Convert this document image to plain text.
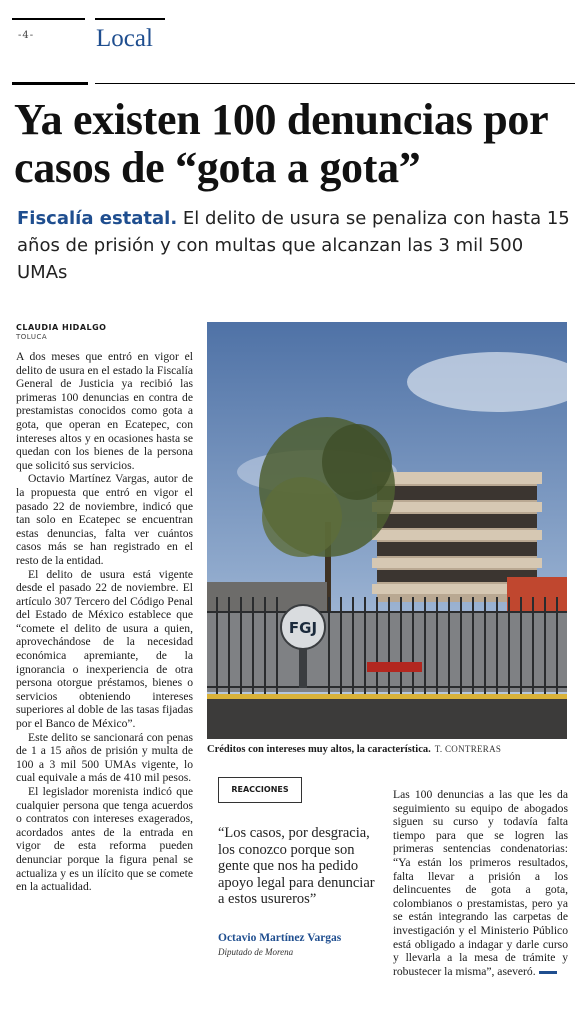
-4- Local
Ya existen 100 denuncias por casos de “gota a gota”
Fiscalía estatal. El delito de usura se penaliza con hasta 15 años de prisión y con multas que alcanzan las 3 mil 500 UMAs
CLAUDIA HIDALGO
TOLUCA

A dos meses que entró en vigor el delito de usura en el estado la Fiscalía General de Justicia ya recibió las primeras 100 denuncias en contra de prestamistas conocidos como gota a gota, que operan en Ecatepec, con intereses altos y en ocasiones hasta se quedan con los bienes de la persona que solicitó sus servicios.

Octavio Martínez Vargas, autor de la propuesta que entró en vigor el pasado 22 de noviembre, indicó que tan solo en Ecatepec se encuentran estas denuncias, falta ver cuántos casos más se han registrado en el resto de la entidad.

El delito de usura está vigente desde el pasado 22 de noviembre. El artículo 307 Tercero del Código Penal del Estado de México establece que “comete el delito de usura a quien, aprovechándose de la necesidad económica apremiante, de la ignorancia o inexperiencia de otra persona otorgue préstamos, bienes o servicios obteniendo intereses superiores al doble de las tasas fijadas por el Banco de México”.

Este delito se sancionará con penas de 1 a 15 años de prisión y multa de 100 a 3 mil 500 UMAs vigente, lo cual equivale a más de 410 mil pesos.

El legislador morenista indicó que cualquier persona que tenga acuerdos o contratos con intereses exagerados, acordados antes de la entrada en vigor de esta reforma pueden denunciar porque la figura penal se actualiza y es un ilícito que se comete en la actualidad.

FGJ
Créditos con intereses muy altos, la característica. T. CONTRERAS
REACCIONES
“Los casos, por desgracia, los conozco porque son gente que nos ha pedido apoyo legal para denunciar a estos usureros”
Octavio Martínez Vargas
Diputado de Morena

Las 100 denuncias a las que les da seguimiento su equipo de abogados siguen su curso y todavía falta tiempo para que se logren las primeras sentencias condenatorias: “Ya están los primeros resultados, falta llevar a prisión a los delincuentes de gota a gota, colombianos o prestamistas, pero ya se están integrando las carpetas de investigación y el Ministerio Público está obligado a indagar y darle curso y llevarla a la mesa de trámite y robustecer la misma”, aseveró.
